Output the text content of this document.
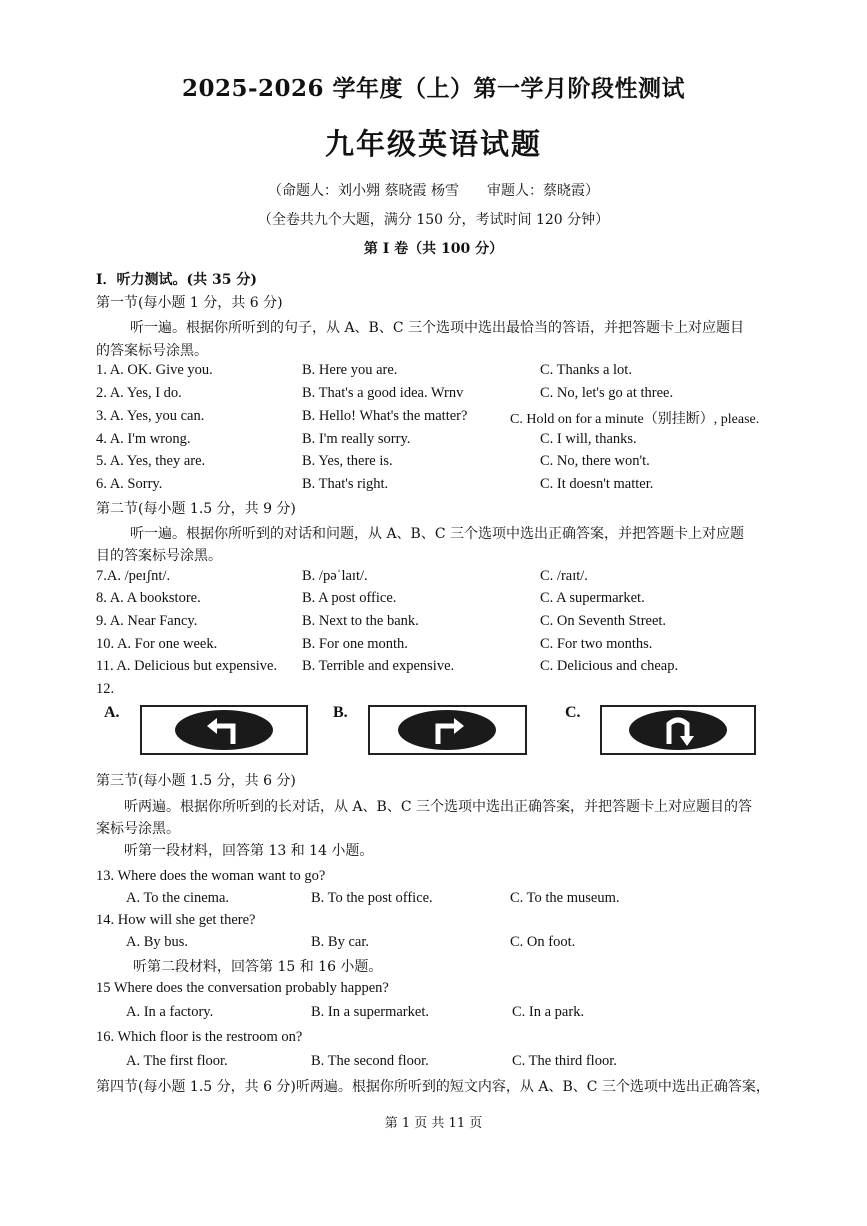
2025-2026 学年度（上）第一学月阶段性测试
九年级英语试题
（命题人：刘小翙 蔡晓霞 杨雪　　审题人：蔡晓霞）
（全卷共九个大题，满分 150 分，考试时间 120 分钟）
第 I 卷（共 100 分）
I．听力测试。(共 35 分)
第一节(每小题 1 分，共 6 分)
听一遍。根据你所听到的句子，从 A、B、C 三个选项中选出最恰当的答语，并把答题卡上对应题目
的答案标号涂黑。
1. A. OK. Give you.	B. Here you are.	C. Thanks a lot.
2. A. Yes, I do.	B. That's a good idea. Wrnv	C. No, let's go at three.
3. A. Yes, you can.	B. Hello! What's the matter?	C. Hold on for a minute（别挂断）, please.
4. A. I'm wrong.	B. I'm really sorry.	C. I will, thanks.
5. A. Yes, they are.	B. Yes, there is.	C. No, there won't.
6. A. Sorry.	B. That's right.	C. It doesn't matter.
第二节(每小题 1.5 分，共 9 分)
听一遍。根据你所听到的对话和问题，从 A、B、C 三个选项中选出正确答案，并把答题卡上对应题
目的答案标号涂黑。
7.A. /peɪʃnt/.	B. /pəˈlaɪt/.	C. /raɪt/.
8. A. A bookstore.	B. A post office.	C. A supermarket.
9. A. Near Fancy.	B. Next to the bank.	C. On Seventh Street.
10. A. For one week.	B. For one month.	C. For two months.
11. A. Delicious but expensive. B. Terrible and expensive.	C. Delicious and cheap.
12.
A.	B.	C.
第三节(每小题 1.5 分，共 6 分)
听两遍。根据你所听到的长对话，从 A、B、C 三个选项中选出正确答案，并把答题卡上对应题目的答
案标号涂黑。
听第一段材料，回答第 13 和 14 小题。
13. Where does the woman want to go?
A. To the cinema.	B. To the post office.	C. To the museum.
14. How will she get there?
A. By bus.	B. By car.	C. On foot.
听第二段材料，回答第 15 和 16 小题。
15 Where does the conversation probably happen?
A. In a factory.	B. In a supermarket.	C. In a park.
16. Which floor is the restroom on?
A. The first floor.	B. The second floor.	C. The third floor.
第四节(每小题 1.5 分，共 6 分)听两遍。根据你所听到的短文内容，从 A、B、C 三个选项中选出正确答案，
第 1 页 共 11 页
